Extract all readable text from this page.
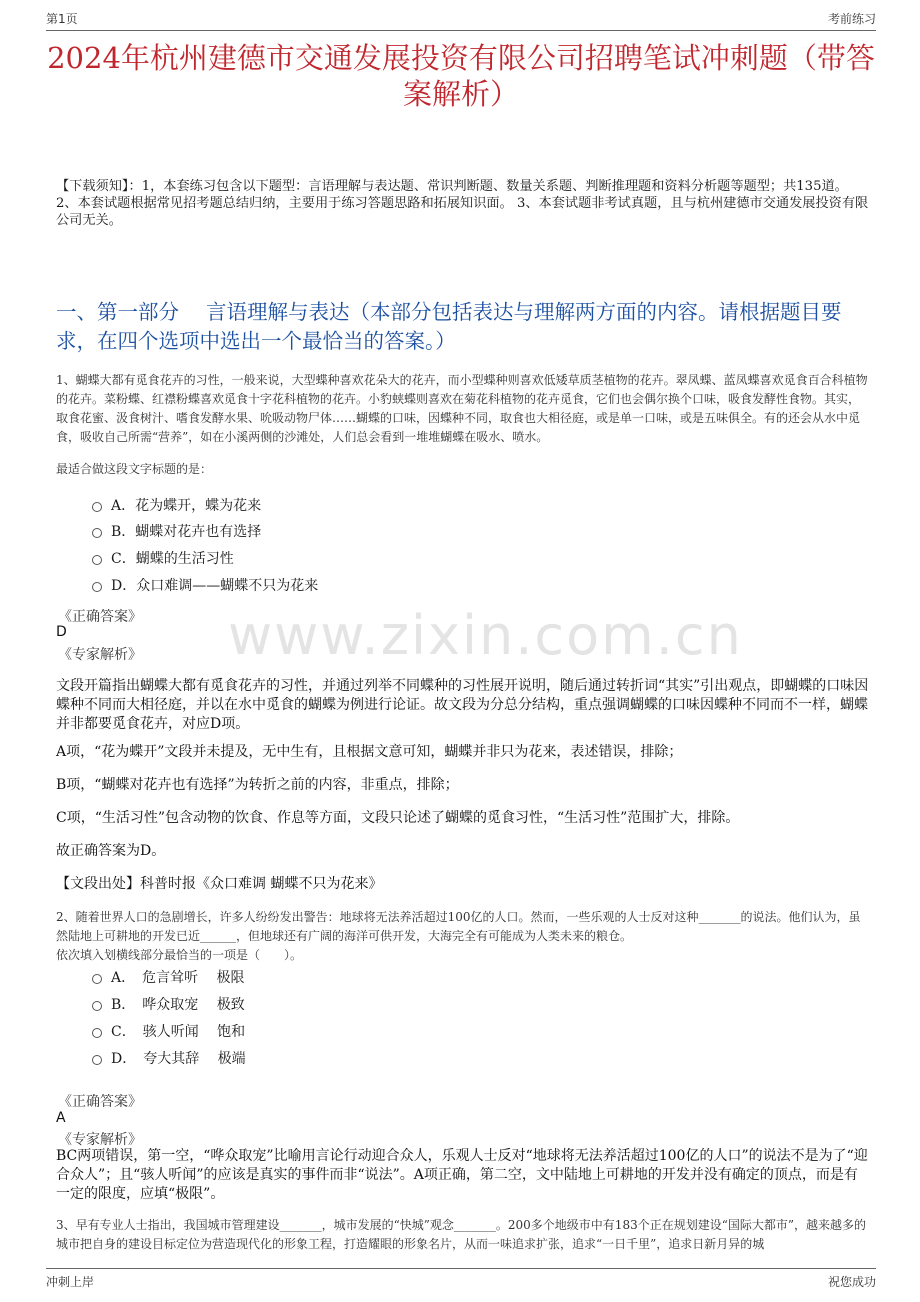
第1页	考前练习
2024年杭州建德市交通发展投资有限公司招聘笔试冲刺题（带答案解析）
【下载须知】：1，本套练习包含以下题型：言语理解与表达题、常识判断题、数量关系题、判断推理题和资料分析题等题型；共135道。 2、本套试题根据常见招考题总结归纳，主要用于练习答题思路和拓展知识面。 3、本套试题非考试真题，且与杭州建德市交通发展投资有限公司无关。
一、第一部分　 言语理解与表达（本部分包括表达与理解两方面的内容。请根据题目要求，在四个选项中选出一个最恰当的答案。）
www.zixin.com.cn
1、蝴蝶大都有觅食花卉的习性，一般来说，大型蝶种喜欢花朵大的花卉，而小型蝶种则喜欢低矮草质茎植物的花卉。翠凤蝶、蓝凤蝶喜欢觅食百合科植物的花卉。菜粉蝶、红襟粉蝶喜欢觅食十字花科植物的花卉。小豹蛱蝶则喜欢在菊花科植物的花卉觅食，它们也会偶尔换个口味，吸食发酵性食物。其实，取食花蜜、汲食树汁、嗜食发酵水果、吮吸动物尸体……蝴蝶的口味，因蝶种不同，取食也大相径庭，或是单一口味，或是五味俱全。有的还会从水中觅食，吸收自己所需“营养”，如在小溪两侧的沙滩处，人们总会看到一堆堆蝴蝶在吸水、喷水。
最适合做这段文字标题的是：
A．花为蝶开，蝶为花来
B．蝴蝶对花卉也有选择
C．蝴蝶的生活习性
D．众口难调——蝴蝶不只为花来
《正确答案》
D
《专家解析》
文段开篇指出蝴蝶大都有觅食花卉的习性，并通过列举不同蝶种的习性展开说明，随后通过转折词“其实”引出观点，即蝴蝶的口味因蝶种不同而大相径庭，并以在水中觅食的蝴蝶为例进行论证。故文段为分总分结构，重点强调蝴蝶的口味因蝶种不同而不一样，蝴蝶并非都要觅食花卉，对应D项。
A项，“花为蝶开”文段并未提及，无中生有，且根据文意可知，蝴蝶并非只为花来，表述错误，排除；
B项，“蝴蝶对花卉也有选择”为转折之前的内容，非重点，排除；
C项，“生活习性”包含动物的饮食、作息等方面，文段只论述了蝴蝶的觅食习性，“生活习性”范围扩大，排除。
故正确答案为D。
【文段出处】科普时报《众口难调 蝴蝶不只为花来》
2、随着世界人口的急剧增长，许多人纷纷发出警告：地球将无法养活超过100亿的人口。然而，一些乐观的人士反对这种_______的说法。他们认为，虽然陆地上可耕地的开发已近______，但地球还有广阔的海洋可供开发，大海完全有可能成为人类未来的粮仓。
依次填入划横线部分最恰当的一项是（　　）。
A．　危言耸听　 极限
B．　哗众取宠　 极致
C．　骇人听闻　 饱和
D．　夸大其辞　 极端
《正确答案》
A
《专家解析》
BC两项错误，第一空，“哗众取宠”比喻用言论行动迎合众人，乐观人士反对“地球将无法养活超过100亿的人口”的说法不是为了“迎合众人”；且“骇人听闻”的应该是真实的事件而非“说法”。A项正确，第二空，文中陆地上可耕地的开发并没有确定的顶点，而是有一定的限度，应填“极限”。
3、早有专业人士指出，我国城市管理建设_______，城市发展的“快城”观念_______。200多个地级市中有183个正在规划建设“国际大都市”，越来越多的城市把自身的建设目标定位为营造现代化的形象工程，打造耀眼的形象名片，从而一味追求扩张，追求“一日千里”，追求日新月异的城
冲刺上岸	祝您成功
